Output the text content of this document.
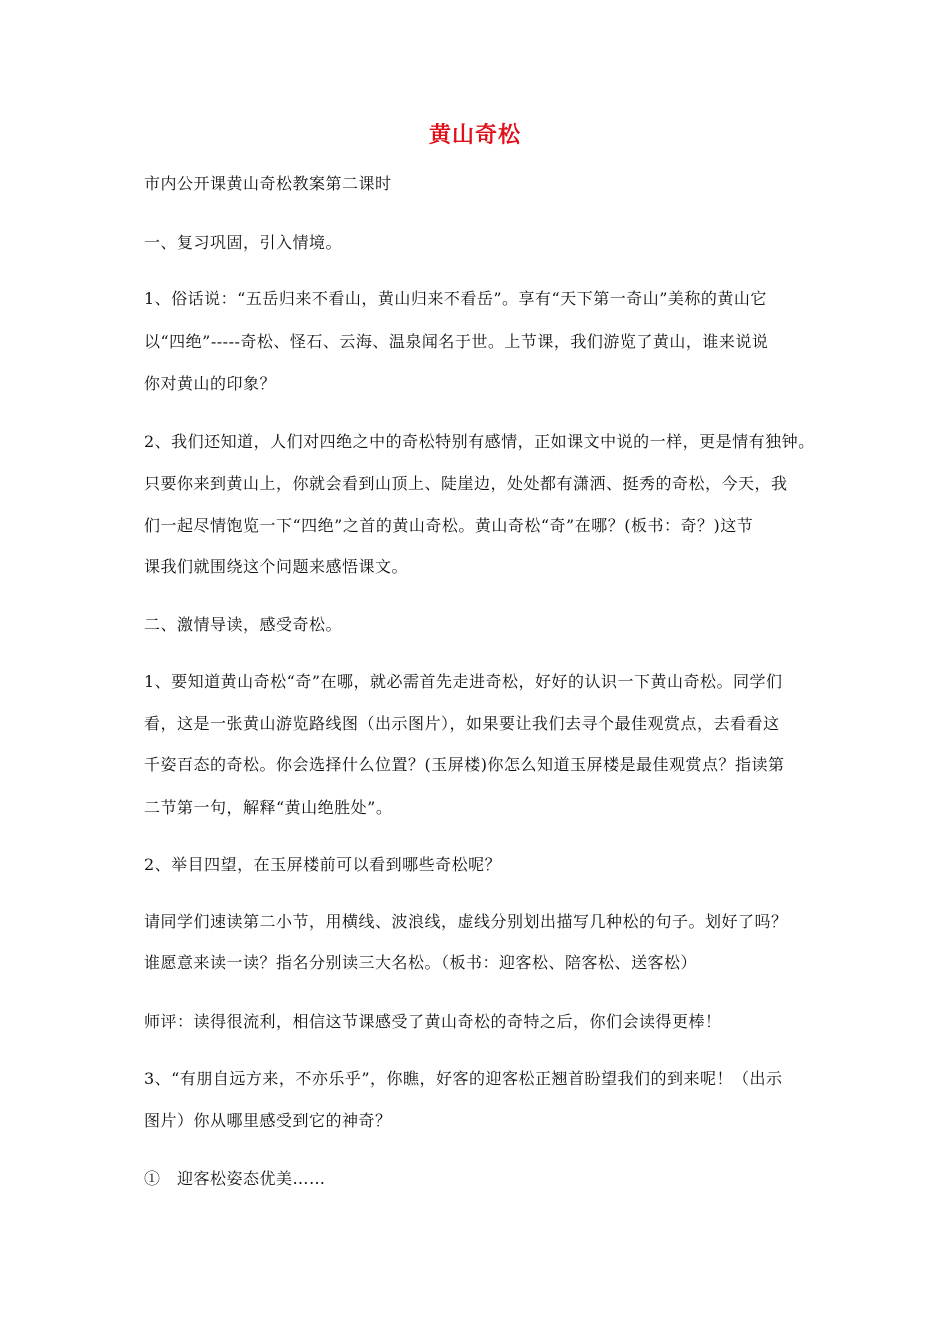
黄山奇松
市内公开课黄山奇松教案第二课时
一、复习巩固，引入情境。
1、俗话说：“五岳归来不看山，黄山归来不看岳”。享有“天下第一奇山”美称的黄山它
以“四绝”-----奇松、怪石、云海、温泉闻名于世。上节课，我们游览了黄山，谁来说说
你对黄山的印象？
2、我们还知道，人们对四绝之中的奇松特别有感情，正如课文中说的一样，更是情有独钟。
只要你来到黄山上，你就会看到山顶上、陡崖边，处处都有潇洒、挺秀的奇松，今天，我
们一起尽情饱览一下“四绝”之首的黄山奇松。黄山奇松“奇”在哪？(板书：奇？)这节
课我们就围绕这个问题来感悟课文。
二、激情导读，感受奇松。
1、要知道黄山奇松“奇”在哪，就必需首先走进奇松，好好的认识一下黄山奇松。同学们
看，这是一张黄山游览路线图（出示图片），如果要让我们去寻个最佳观赏点，去看看这
千姿百态的奇松。你会选择什么位置？(玉屏楼)你怎么知道玉屏楼是最佳观赏点？指读第
二节第一句，解释“黄山绝胜处”。
2、举目四望，在玉屏楼前可以看到哪些奇松呢？
请同学们速读第二小节，用横线、波浪线，虚线分别划出描写几种松的句子。划好了吗？
谁愿意来读一读？指名分别读三大名松。（板书：迎客松、陪客松、送客松）
师评：读得很流利，相信这节课感受了黄山奇松的奇特之后，你们会读得更棒！
3、“有朋自远方来，不亦乐乎”，你瞧，好客的迎客松正翘首盼望我们的到来呢！（出示
图片）你从哪里感受到它的神奇？
①　迎客松姿态优美……
